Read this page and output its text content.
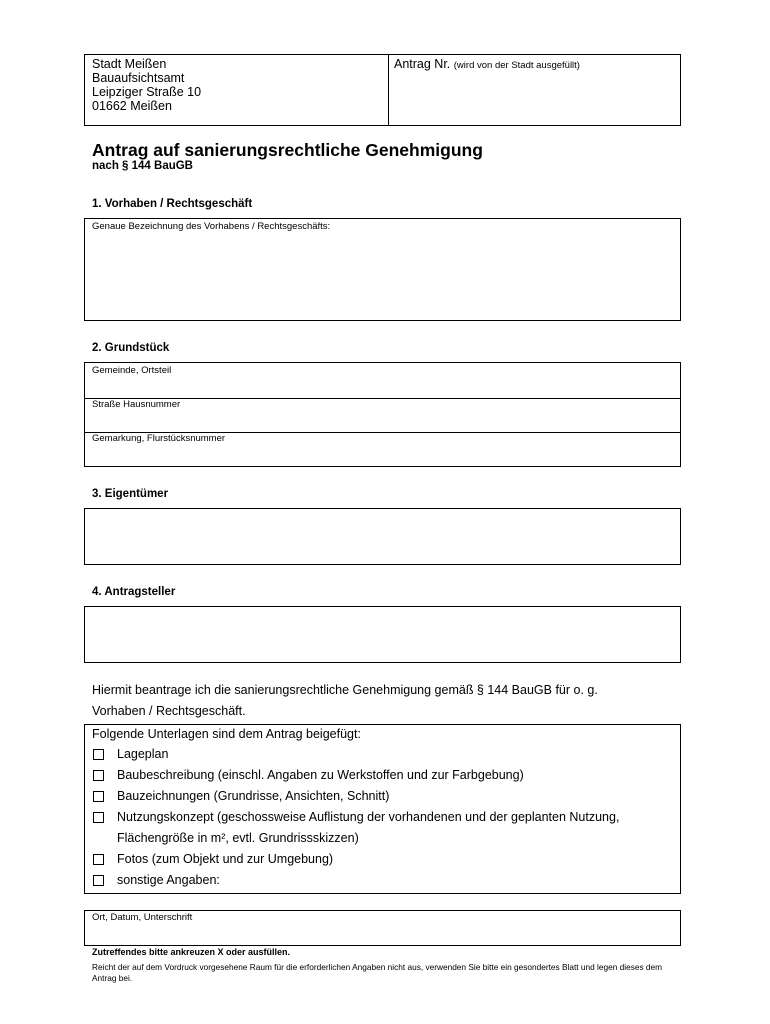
Stadt Meißen
Bauaufsichtsamt
Leipziger Straße 10
01662 Meißen
Antrag Nr. (wird von der Stadt ausgefüllt)
Antrag auf sanierungsrechtliche Genehmigung
nach § 144 BauGB
1. Vorhaben / Rechtsgeschäft
Genaue Bezeichnung des Vorhabens / Rechtsgeschäfts:
2. Grundstück
Gemeinde, Ortsteil
Straße Hausnummer
Gemarkung, Flurstücksnummer
3. Eigentümer
4. Antragsteller
Hiermit beantrage ich die sanierungsrechtliche Genehmigung gemäß § 144 BauGB für o. g.
Vorhaben / Rechtsgeschäft.
Folgende Unterlagen sind dem Antrag beigefügt:
Lageplan
Baubeschreibung (einschl. Angaben zu Werkstoffen und zur Farbgebung)
Bauzeichnungen (Grundrisse, Ansichten, Schnitt)
Nutzungskonzept (geschossweise Auflistung der vorhandenen und der geplanten Nutzung,
Flächengröße in m², evtl. Grundrissskizzen)
Fotos (zum Objekt und zur Umgebung)
sonstige Angaben:
Ort, Datum, Unterschrift
Zutreffendes bitte ankreuzen X oder ausfüllen.
Reicht der auf dem Vordruck vorgesehene Raum für die erforderlichen Angaben nicht aus, verwenden Sie bitte ein gesondertes Blatt und legen dieses dem Antrag bei.
